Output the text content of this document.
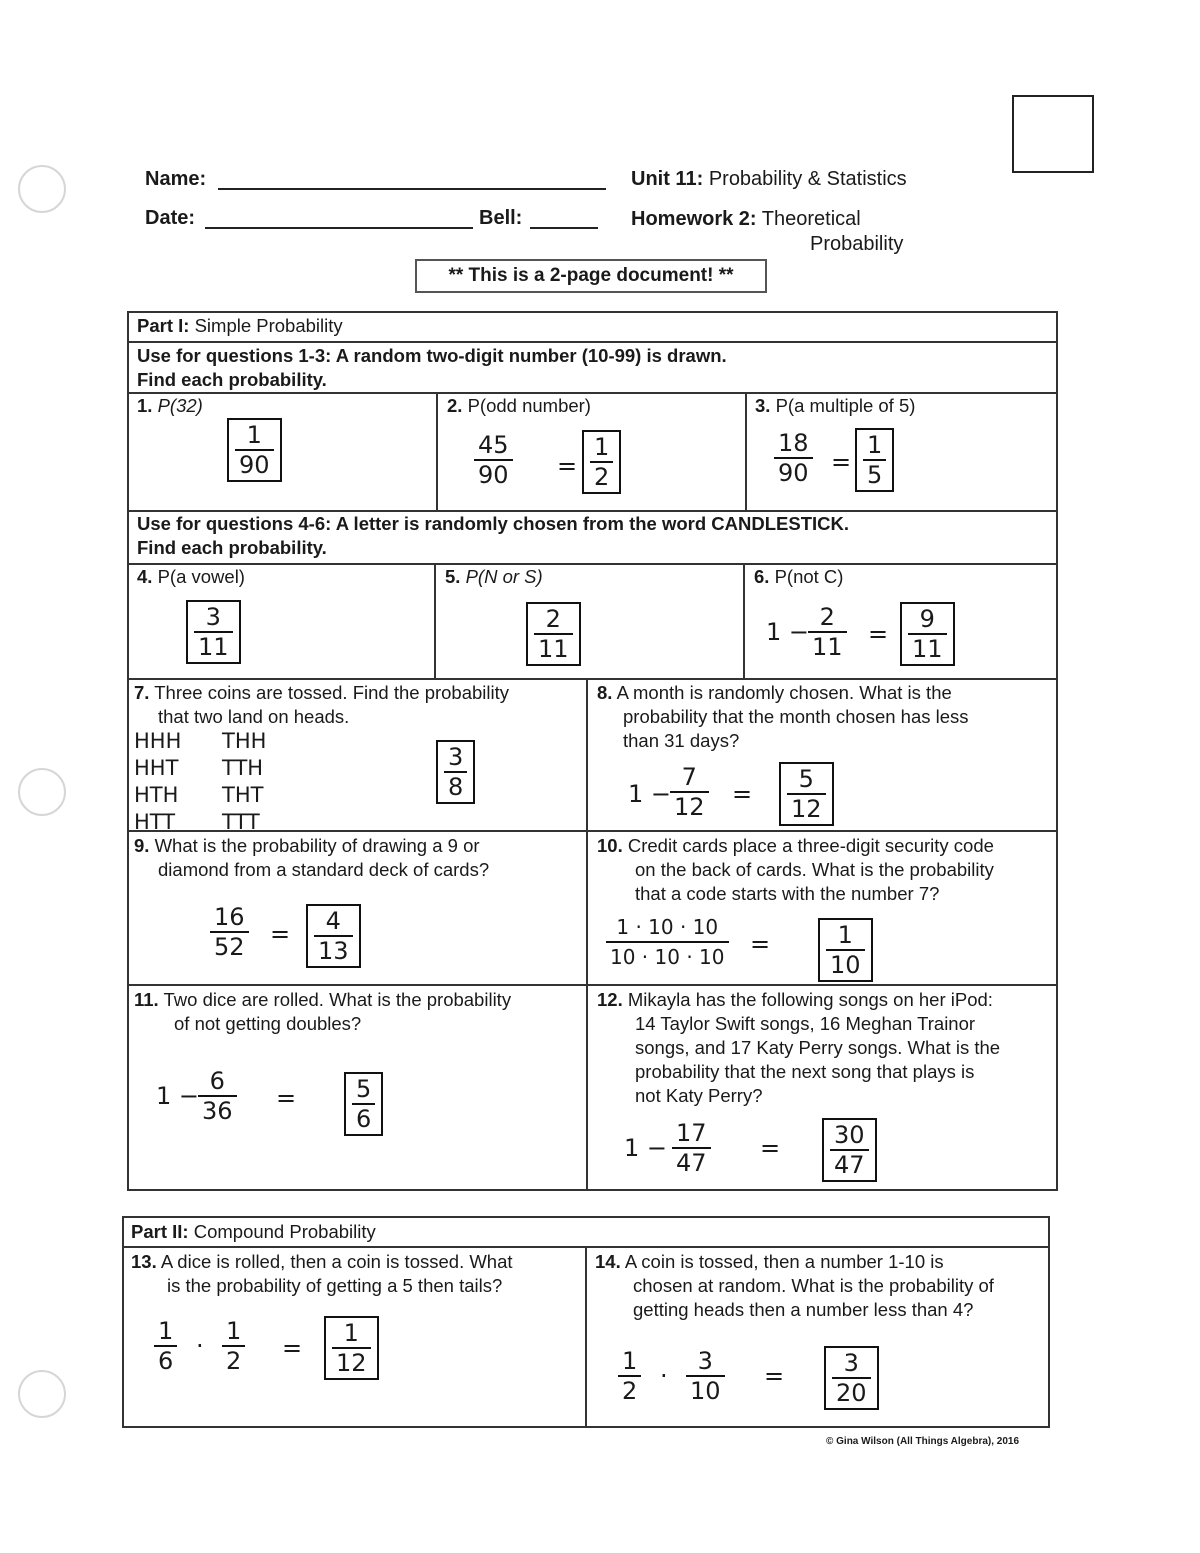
Name:
Date:	Bell:
Unit 11: Probability & Statistics
Homework 2: Theoretical
Probability
** This is a 2-page document! **
Part I: Simple Probability
Use for questions 1-3: A random two-digit number (10-99) is drawn.
Find each probability.
1. P(32)
1
90
2. P(odd number)
45
90 =
1
2
3. P(a multiple of 5)
18
90 =
1
5
Use for questions 4-6: A letter is randomly chosen from the word CANDLESTICK.
Find each probability.
4. P(a vowel)
3
11
5. P(N or S)
2
11
6. P(not C)
1 −
2
11 =
9
11
7. Three coins are tossed. Find the probability
that two land on heads.
HHH
HHT
HTH
HTT
THH
TTH
THT
TTT
3
8
8. A month is randomly chosen. What is the
probability that the month chosen has less
than 31 days?
1 −
7
12 =
5
12
9. What is the probability of drawing a 9 or
diamond from a standard deck of cards?
16
52 = 4
13
10. Credit cards place a three-digit security code
on the back of cards. What is the probability
that a code starts with the number 7?
1 · 10 · 10
10 · 10 · 10 =	1
10
11. Two dice are rolled. What is the probability
of not getting doubles?
1 −
6
36 = 5
6
12. Mikayla has the following songs on her iPod:
14 Taylor Swift songs, 16 Meghan Trainor
songs, and 17 Katy Perry songs. What is the
probability that the next song that plays is
not Katy Perry?
1 −
17
47
= 30
47
Part II: Compound Probability
13. A dice is rolled, then a coin is tossed. What
is the probability of getting a 5 then tails?
1
6
·
1
2 =
1
12
14. A coin is tossed, then a number 1-10 is
chosen at random. What is the probability of
getting heads then a number less than 4?
1
2
·
3
10
= 3
20
© Gina Wilson (All Things Algebra), 2016
